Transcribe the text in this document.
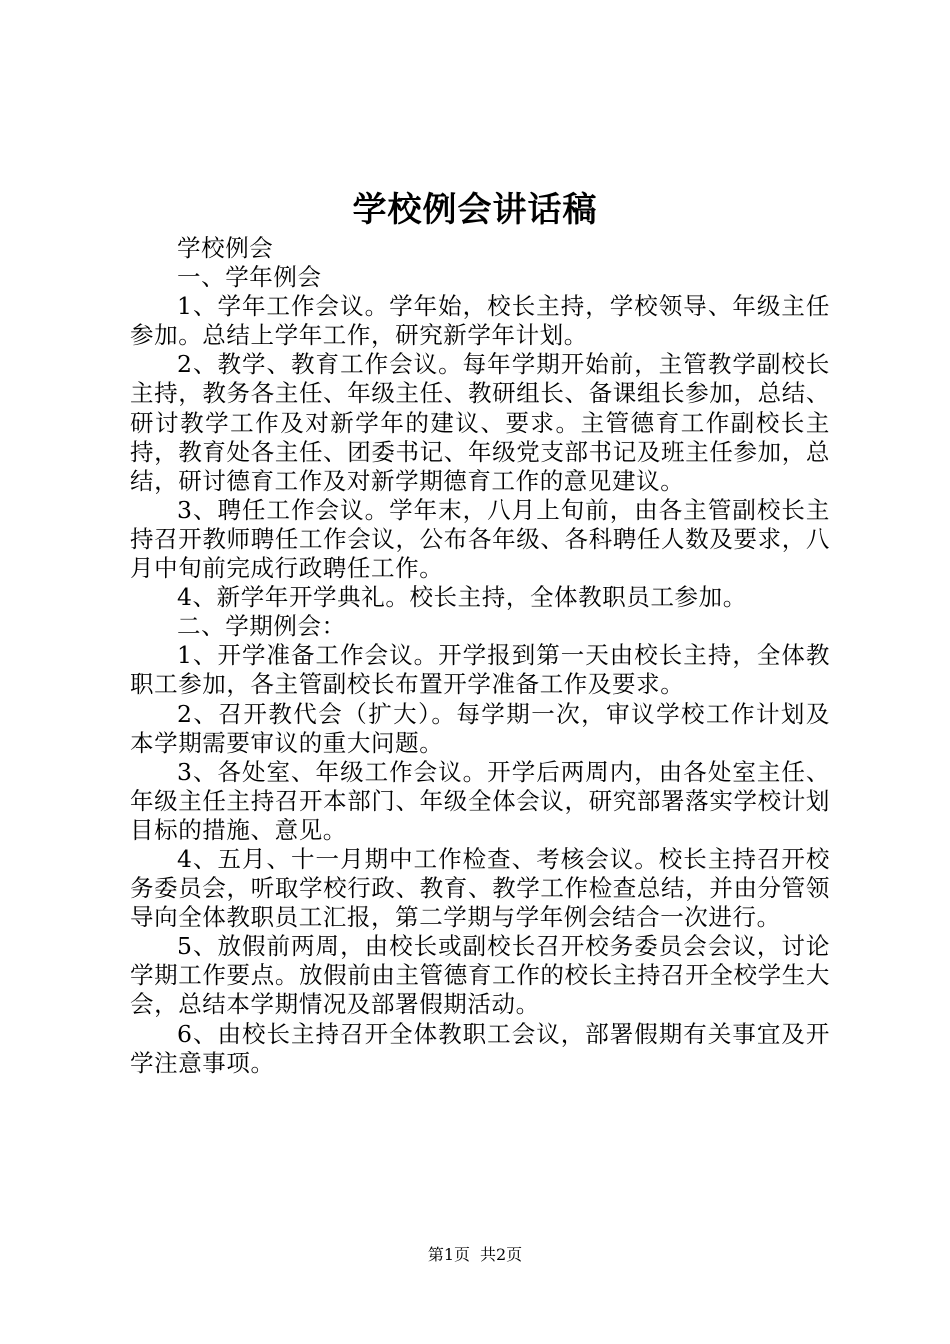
学校例会讲话稿

学校例会

一、学年例会

1、学年工作会议。学年始，校长主持，学校领导、年级主任参加。总结上学年工作，研究新学年计划。

2、教学、教育工作会议。每年学期开始前，主管教学副校长主持，教务各主任、年级主任、教研组长、备课组长参加，总结、研讨教学工作及对新学年的建议、要求。主管德育工作副校长主持，教育处各主任、团委书记、年级党支部书记及班主任参加，总结，研讨德育工作及对新学期德育工作的意见建议。

3、聘任工作会议。学年末，八月上旬前，由各主管副校长主持召开教师聘任工作会议，公布各年级、各科聘任人数及要求，八月中旬前完成行政聘任工作。

4、新学年开学典礼。校长主持，全体教职员工参加。

二、学期例会：

1、开学准备工作会议。开学报到第一天由校长主持，全体教职工参加，各主管副校长布置开学准备工作及要求。

2、召开教代会（扩大）。每学期一次，审议学校工作计划及本学期需要审议的重大问题。

3、各处室、年级工作会议。开学后两周内，由各处室主任、年级主任主持召开本部门、年级全体会议，研究部署落实学校计划目标的措施、意见。

4、五月、十一月期中工作检查、考核会议。校长主持召开校务委员会，听取学校行政、教育、教学工作检查总结，并由分管领导向全体教职员工汇报，第二学期与学年例会结合一次进行。

5、放假前两周，由校长或副校长召开校务委员会会议，讨论学期工作要点。放假前由主管德育工作的校长主持召开全校学生大会，总结本学期情况及部署假期活动。

6、由校长主持召开全体教职工会议，部署假期有关事宜及开学注意事项。

第1页 共2页
